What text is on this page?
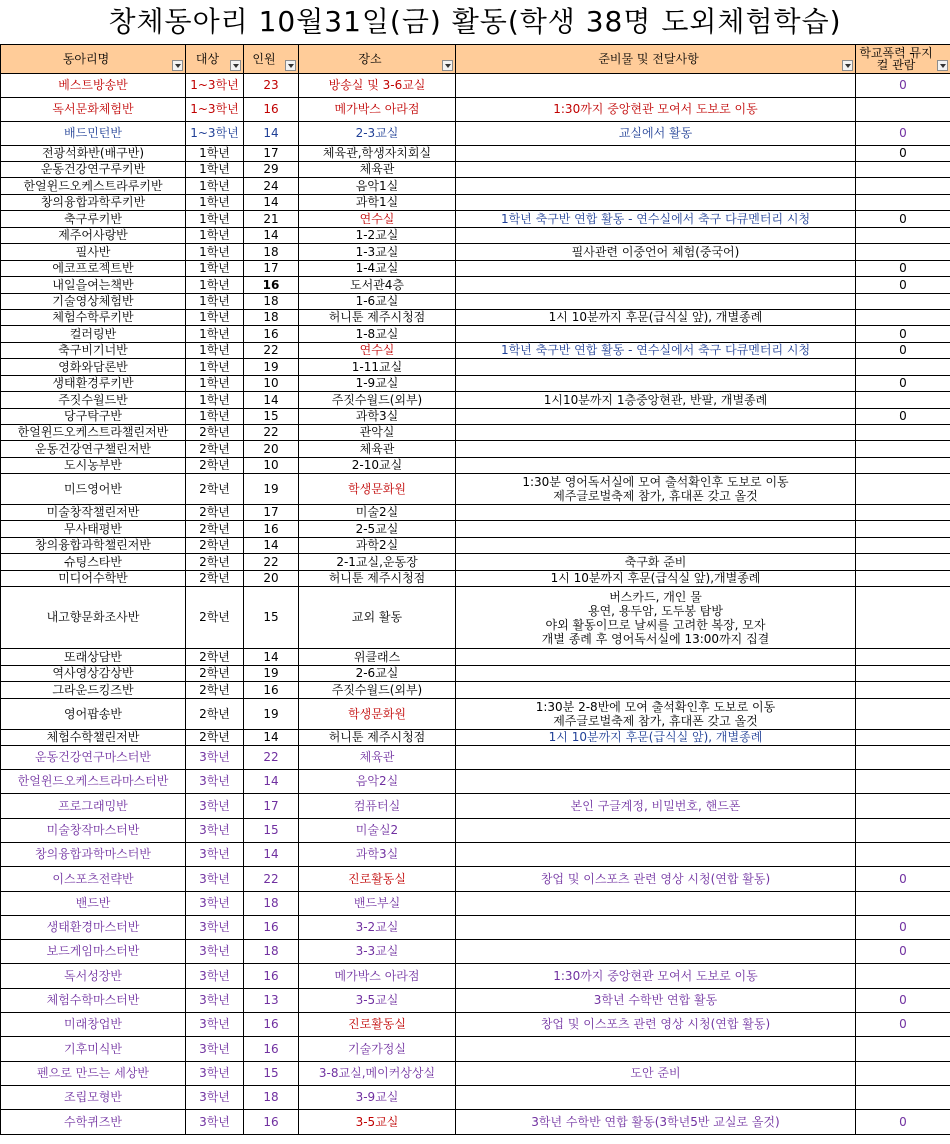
창체동아리 10월31일(금) 활동(학생 38명 도외체험학습)
동아리명	대상	인원	장소	준비물 및 전달사항	학교폭력 뮤지컬 관람

베스트방송반	1~3학년	23	방송실 및 3-6교실		0
독서문화체험반	1~3학년	16	메가박스 아라점	1:30까지 중앙현관 모여서 도보로 이동	
배드민턴반	1~3학년	14	2-3교실	교실에서 활동	0
전광석화반(배구반)	1학년	17	체육관,학생자치회실		0
운동건강연구루키반	1학년	29	체육관		
한얼윈드오케스트라루키반	1학년	24	음악1실		
창의융합과학루키반	1학년	14	과학1실		
축구루키반	1학년	21	연수실	1학년 축구반 연합 활동 - 연수실에서 축구 다큐멘터리 시청	0
제주어사랑반	1학년	14	1-2교실		
필사반	1학년	18	1-3교실	필사관련 이중언어 체험(중국어)	
에코프로젝트반	1학년	17	1-4교실		0
내일을여는책반	1학년	16	도서관4층		0
기술영상체험반	1학년	18	1-6교실		
체험수학루키반	1학년	18	허니툰 제주시청점	1시 10분까지 후문(급식실 앞), 개별종례	
컬러링반	1학년	16	1-8교실		0
축구비기너반	1학년	22	연수실	1학년 축구반 연합 활동 - 연수실에서 축구 다큐멘터리 시청	0
영화와담론반	1학년	19	1-11교실		
생태환경루키반	1학년	10	1-9교실		0
주짓수월드반	1학년	14	주짓수월드(외부)	1시10분까지 1층중앙현관, 반팔, 개별종례	
당구탁구반	1학년	15	과학3실		0
한얼윈드오케스트라챌린저반	2학년	22	관악실		
운동건강연구챌린저반	2학년	20	체육관		
도시농부반	2학년	10	2-10교실		
미드영어반	2학년	19	학생문화원	1:30분 영어독서실에 모여 출석확인후 도보로 이동
제주글로벌축제 참가, 휴대폰 갖고 올것	

미술창작챌린저반	2학년	17	미술2실		
무사태평반	2학년	16	2-5교실		
창의융합과학챌린저반	2학년	14	과학2실		
슈팅스타반	2학년	22	2-1교실,운동장	축구화 준비	
미디어수학반	2학년	20	허니툰 제주시청점	1시 10분까지 후문(급식실 앞),개별종례	
내고향문화조사반	2학년	15	교외 활동	버스카드, 개인 물
용연, 용두암, 도두봉 탐방
야외 활동이므로 날씨를 고려한 복장, 모자
개별 종례 후 영어독서실에 13:00까지 집결	

또래상담반	2학년	14	위클래스		
역사영상감상반	2학년	19	2-6교실		
그라운드킹즈반	2학년	16	주짓수월드(외부)		
영어팝송반	2학년	19	학생문화원	1:30분 2-8반에 모여 출석확인후 도보로 이동
제주글로벌축제 참가, 휴대폰 갖고 올것	

체험수학챌린저반	2학년	14	허니툰 제주시청점	1시 10분까지 후문(급식실 앞), 개별종례	
운동건강연구마스터반	3학년	22	체육관		
한얼윈드오케스트라마스터반	3학년	14	음악2실		
프로그래밍반	3학년	17	컴퓨터실	본인 구글계정, 비밀번호, 핸드폰	
미술창작마스터반	3학년	15	미술실2		
창의융합과학마스터반	3학년	14	과학3실		
이스포츠전략반	3학년	22	진로활동실	창업 및 이스포츠 관련 영상 시청(연합 활동)	0
밴드반	3학년	18	밴드부실		
생태환경마스터반	3학년	16	3-2교실		0
보드게임마스터반	3학년	18	3-3교실		0
독서성장반	3학년	16	메가박스 아라점	1:30까지 중앙현관 모여서 도보로 이동	
체험수학마스터반	3학년	13	3-5교실	3학년 수학반 연합 활동	0
미래창업반	3학년	16	진로활동실	창업 및 이스포츠 관련 영상 시청(연합 활동)	0
기후미식반	3학년	16	기술가정실		
펜으로 만드는 세상반	3학년	15	3-8교실,메이커상상실	도안 준비	
조립모형반	3학년	18	3-9교실		
수학퀴즈반	3학년	16	3-5교실	3학년 수학반 연합 활동(3학년5반 교실로 올것)	0
